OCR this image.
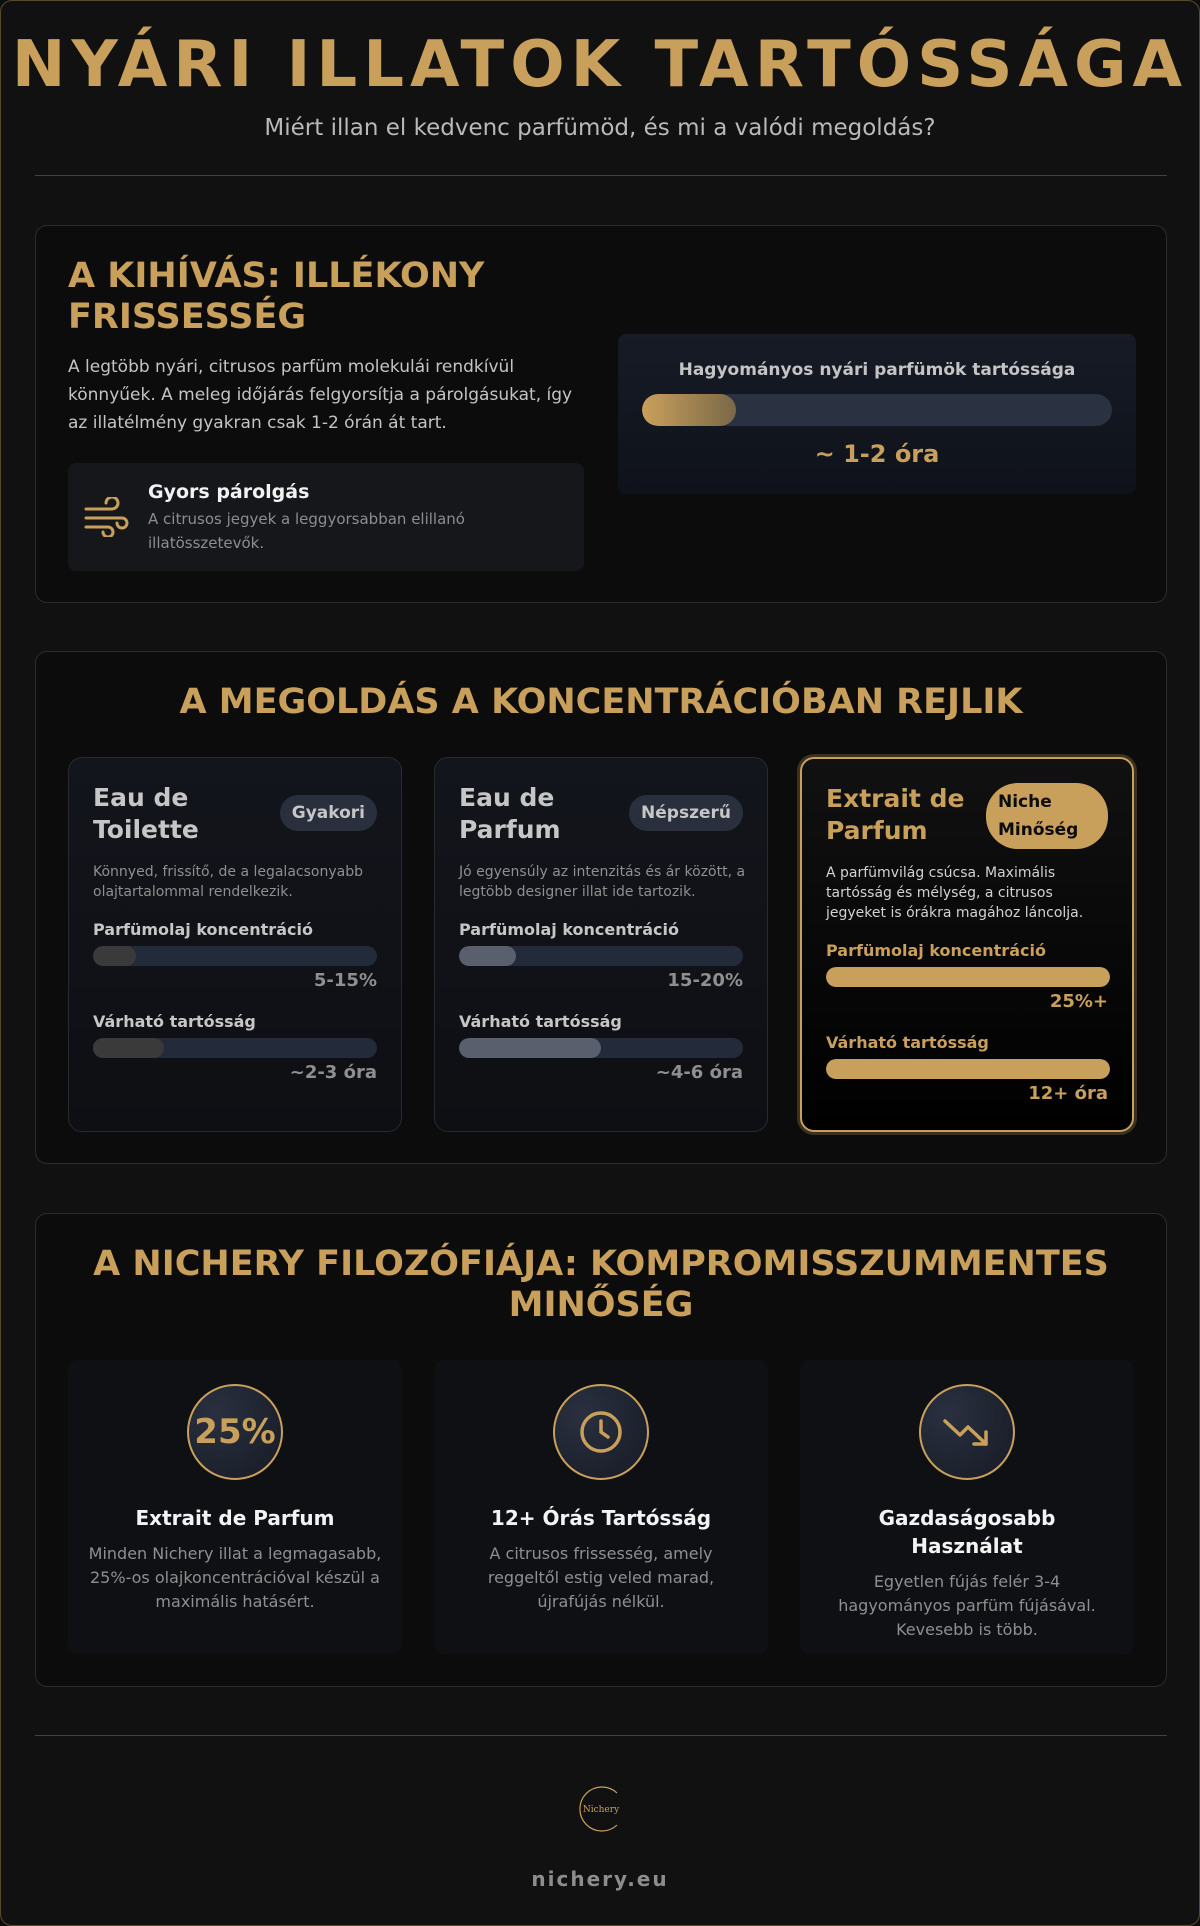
NYÁRI ILLATOK TARTÓSSÁGA
Miért illan el kedvenc parfümöd, és mi a valódi megoldás?
A KIHÍVÁS: ILLÉKONY FRISSESSÉG
A legtöbb nyári, citrusos parfüm molekulái rendkívül könnyűek. A meleg időjárás felgyorsítja a párolgásukat, így az illatélmény gyakran csak 1-2 órán át tart.
Gyors párolgás
A citrusos jegyek a leggyorsabban elillanó illatösszetevők.
Hagyományos nyári parfümök tartóssága
~ 1-2 óra
A MEGOLDÁS A KONCENTRÁCIÓBAN REJLIK
Eau de Toilette
Gyakori
Könnyed, frissítő, de a legalacsonyabb olajtartalommal rendelkezik.
Parfümolaj koncentráció
5-15%
Várható tartósság
~2-3 óra
Eau de Parfum
Népszerű
Jó egyensúly az intenzitás és ár között, a legtöbb designer illat ide tartozik.
Parfümolaj koncentráció
15-20%
Várható tartósság
~4-6 óra
Extrait de Parfum
Niche Minőség
A parfümvilág csúcsa. Maximális tartósság és mélység, a citrusos jegyeket is órákra magához láncolja.
Parfümolaj koncentráció
25%+
Várható tartósság
12+ óra
A NICHERY FILOZÓFIÁJA: KOMPROMISSZUMMENTES MINŐSÉG
25%
Extrait de Parfum
Minden Nichery illat a legmagasabb, 25%-os olajkoncentrációval készül a maximális hatásért.
12+ Órás Tartósság
A citrusos frissesség, amely reggeltől estig veled marad, újrafújás nélkül.
Gazdaságosabb Használat
Egyetlen fújás felér 3-4 hagyományos parfüm fújásával. Kevesebb is több.
Nichery
nichery.eu
